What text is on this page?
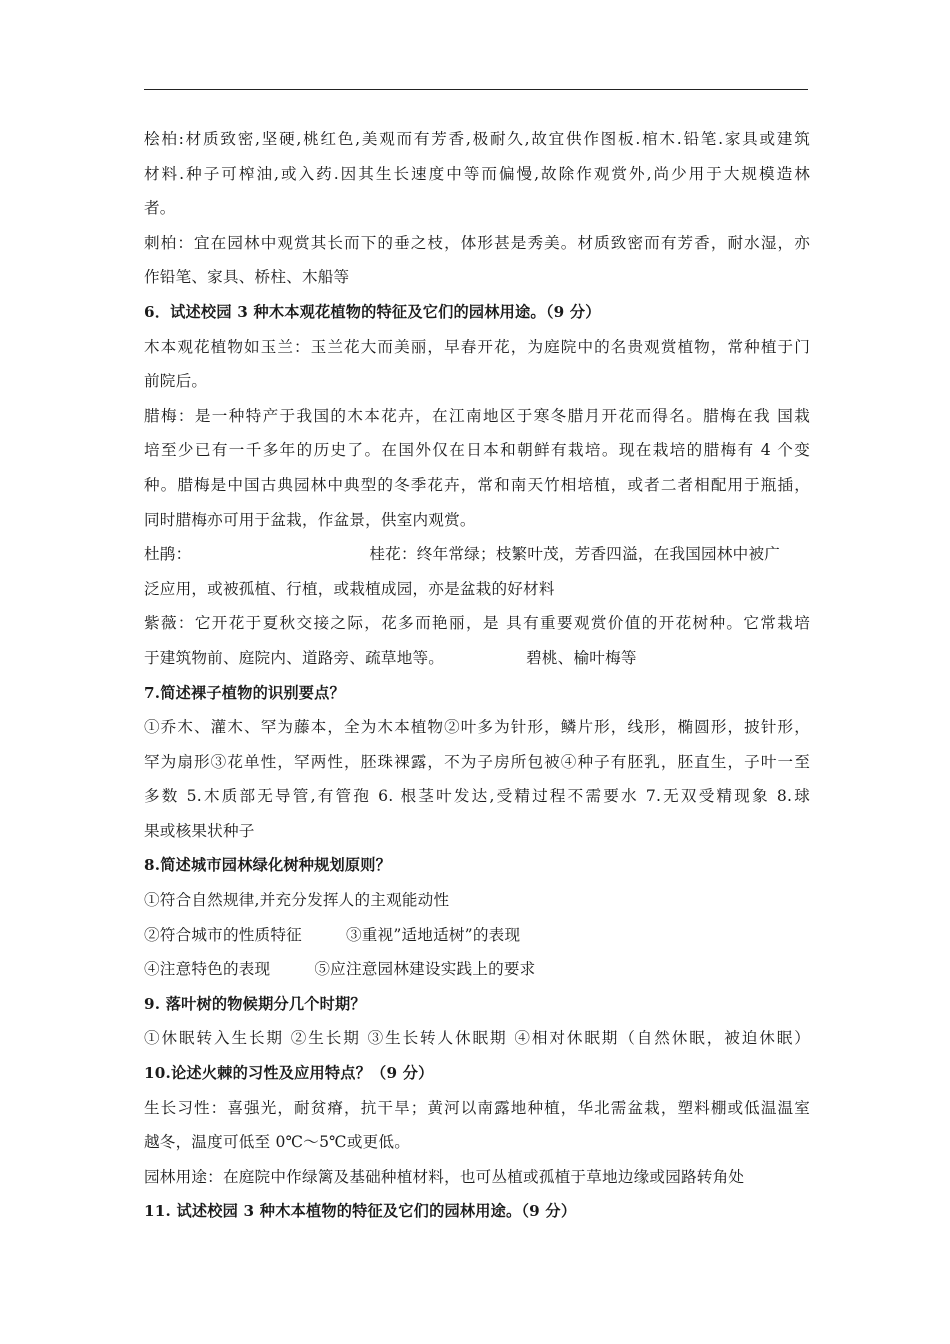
桧柏:材质致密,坚硬,桃红色,美观而有芳香,极耐久,故宜供作图板.棺木.铅笔.家具或建筑
材料.种子可榨油,或入药.因其生长速度中等而偏慢,故除作观赏外,尚少用于大规模造林
者。
刺柏：宜在园林中观赏其长而下的垂之枝，体形甚是秀美。材质致密而有芳香，耐水湿，亦
作铅笔、家具、桥柱、木船等
6．试述校园 3 种木本观花植物的特征及它们的园林用途。（9 分）
木本观花植物如玉兰：玉兰花大而美丽，早春开花，为庭院中的名贵观赏植物，常种植于门
前院后。
腊梅：是一种特产于我国的木本花卉，在江南地区于寒冬腊月开花而得名。腊梅在我 国栽
培至少已有一千多年的历史了。在国外仅在日本和朝鲜有栽培。现在栽培的腊梅有 4 个变
种。腊梅是中国古典园林中典型的冬季花卉，常和南天竹相培植，或者二者相配用于瓶插，
同时腊梅亦可用于盆栽，作盆景，供室内观赏。
杜鹃：	桂花：终年常绿；枝繁叶茂，芳香四溢，在我国园林中被广
泛应用，或被孤植、行植，或栽植成园，亦是盆栽的好材料
紫薇：它开花于夏秋交接之际，花多而艳丽，是 具有重要观赏价值的开花树种。它常栽培
于建筑物前、庭院内、道路旁、疏草地等。	碧桃、榆叶梅等
7.简述裸子植物的识别要点？
①乔木、灌木、罕为藤本，全为木本植物②叶多为针形，鳞片形，线形，椭圆形，披针形，
罕为扇形③花单性，罕两性，胚珠裸露，不为子房所包被④种子有胚乳，胚直生，子叶一至
多数 5.木质部无导管,有管孢 6. 根茎叶发达,受精过程不需要水 7.无双受精现象 8.球
果或核果状种子
8.简述城市园林绿化树种规划原则？
①符合自然规律,并充分发挥人的主观能动性
②符合城市的性质特征	③重视”适地适树”的表现
④注意特色的表现	⑤应注意园林建设实践上的要求
9. 落叶树的物候期分几个时期？
①休眠转入生长期 ②生长期 ③生长转人休眠期 ④相对休眠期（自然休眠，被迫休眠）
10.论述火棘的习性及应用特点？（9 分）
生长习性：喜强光，耐贫瘠，抗干旱；黄河以南露地种植，华北需盆栽，塑料棚或低温温室
越冬，温度可低至 0℃～5℃或更低。
园林用途：在庭院中作绿篱及基础种植材料，也可丛植或孤植于草地边缘或园路转角处
11. 试述校园 3 种木本植物的特征及它们的园林用途。（9 分）
